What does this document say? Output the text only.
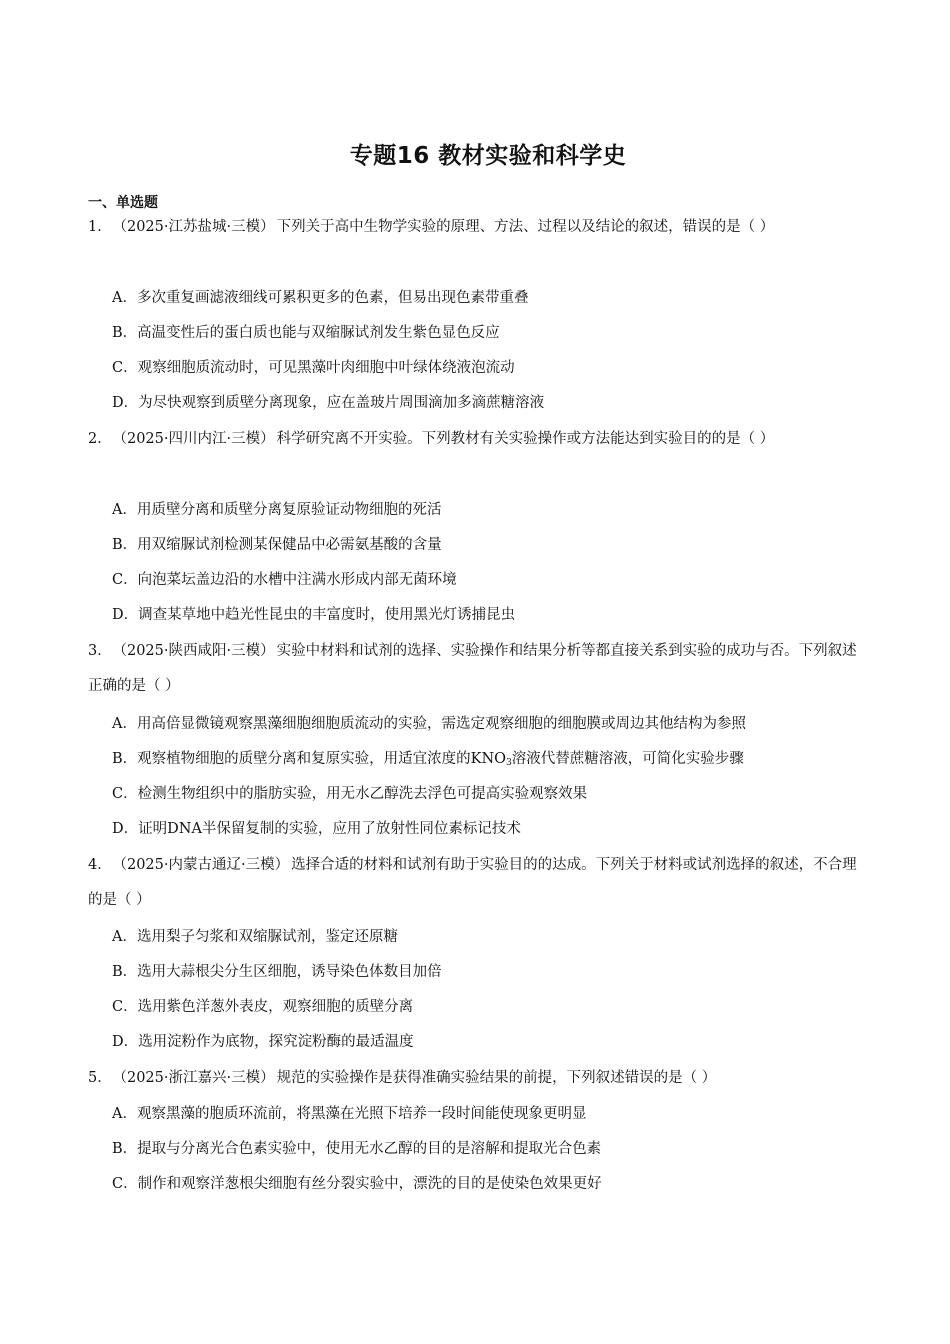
专题16 教材实验和科学史
一、单选题

1． （2025·江苏盐城·三模） 下列关于高中生物学实验的原理、方法、过程以及结论的叙述，错误的是（ ）

A．多次重复画滤液细线可累积更多的色素，但易出现色素带重叠
B．高温变性后的蛋白质也能与双缩脲试剂发生紫色显色反应
C．观察细胞质流动时，可见黑藻叶肉细胞中叶绿体绕液泡流动
D．为尽快观察到质壁分离现象，应在盖玻片周围滴加多滴蔗糖溶液

2． （2025·四川内江·三模） 科学研究离不开实验。下列教材有关实验操作或方法能达到实验目的的是（ ）

A．用质壁分离和质壁分离复原验证动物细胞的死活
B．用双缩脲试剂检测某保健品中必需氨基酸的含量
C．向泡菜坛盖边沿的水槽中注满水形成内部无菌环境
D．调查某草地中趋光性昆虫的丰富度时，使用黑光灯诱捕昆虫

3． （2025·陕西咸阳·三模） 实验中材料和试剂的选择、实验操作和结果分析等都直接关系到实验的成功与否。下列叙述正确的是（ ）

A．用高倍显微镜观察黑藻细胞细胞质流动的实验，需选定观察细胞的细胞膜或周边其他结构为参照
B．观察植物细胞的质壁分离和复原实验，用适宜浓度的$KNO_3$溶液代替蔗糖溶液，可简化实验步骤
C．检测生物组织中的脂肪实验，用无水乙醇洗去浮色可提高实验观察效果
D．证明DNA半保留复制的实验，应用了放射性同位素标记技术

4． （2025·内蒙古通辽·三模） 选择合适的材料和试剂有助于实验目的的达成。下列关于材料或试剂选择的叙述，不合理的是（ ）

A．选用梨子匀浆和双缩脲试剂，鉴定还原糖
B．选用大蒜根尖分生区细胞，诱导染色体数目加倍
C．选用紫色洋葱外表皮，观察细胞的质壁分离
D．选用淀粉作为底物，探究淀粉酶的最适温度

5． （2025·浙江嘉兴·三模） 规范的实验操作是获得准确实验结果的前提，下列叙述错误的是（ ）

A．观察黑藻的胞质环流前，将黑藻在光照下培养一段时间能使现象更明显
B．提取与分离光合色素实验中，使用无水乙醇的目的是溶解和提取光合色素
C．制作和观察洋葱根尖细胞有丝分裂实验中，漂洗的目的是使染色效果更好
